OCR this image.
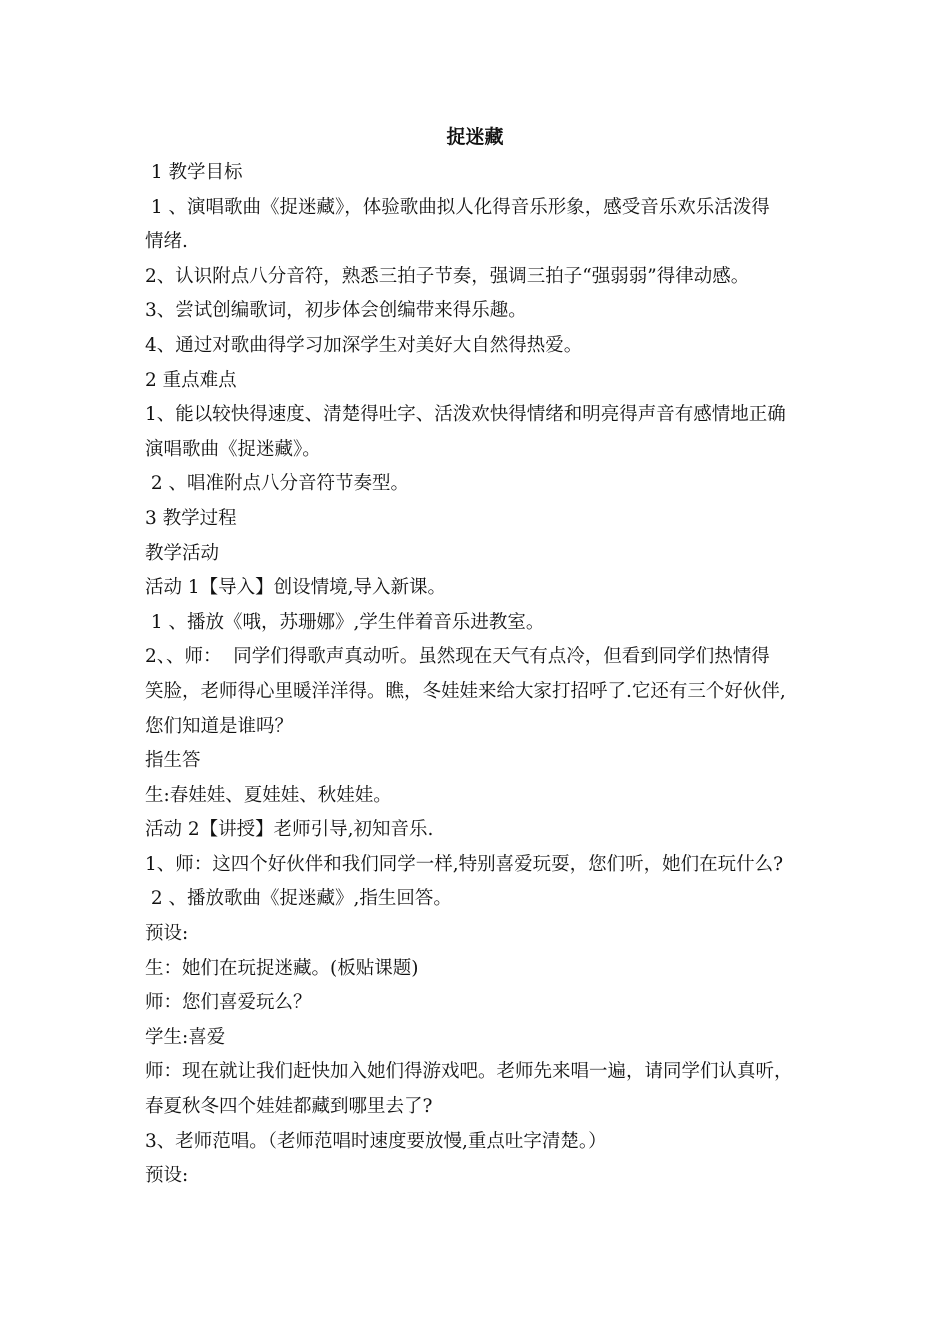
捉迷藏
1 教学目标
1 、演唱歌曲《捉迷藏》，体验歌曲拟人化得音乐形象，感受音乐欢乐活泼得
情绪.
2、认识附点八分音符，熟悉三拍子节奏，强调三拍子“强弱弱”得律动感。
3、尝试创编歌词，初步体会创编带来得乐趣。
4、通过对歌曲得学习加深学生对美好大自然得热爱。
2 重点难点
1、能以较快得速度、清楚得吐字、活泼欢快得情绪和明亮得声音有感情地正确
演唱歌曲《捉迷藏》。
2 、唱准附点八分音符节奏型。
3 教学过程
教学活动
活动 1【导入】创设情境,导入新课。
1 、播放《哦，苏珊娜》,学生伴着音乐进教室。
2、、师：  同学们得歌声真动听。虽然现在天气有点冷，但看到同学们热情得
笑脸，老师得心里暖洋洋得。瞧，冬娃娃来给大家打招呼了.它还有三个好伙伴,
您们知道是谁吗？
指生答
生:春娃娃、夏娃娃、秋娃娃。
活动 2【讲授】老师引导,初知音乐.
1、师：这四个好伙伴和我们同学一样,特别喜爱玩耍，您们听，她们在玩什么?
2 、播放歌曲《捉迷藏》,指生回答。
预设:
生：她们在玩捉迷藏。(板贴课题)
师：您们喜爱玩么？
学生:喜爱
师：现在就让我们赶快加入她们得游戏吧。老师先来唱一遍，请同学们认真听，
春夏秋冬四个娃娃都藏到哪里去了?
3、老师范唱。（老师范唱时速度要放慢,重点吐字清楚。）
预设:
